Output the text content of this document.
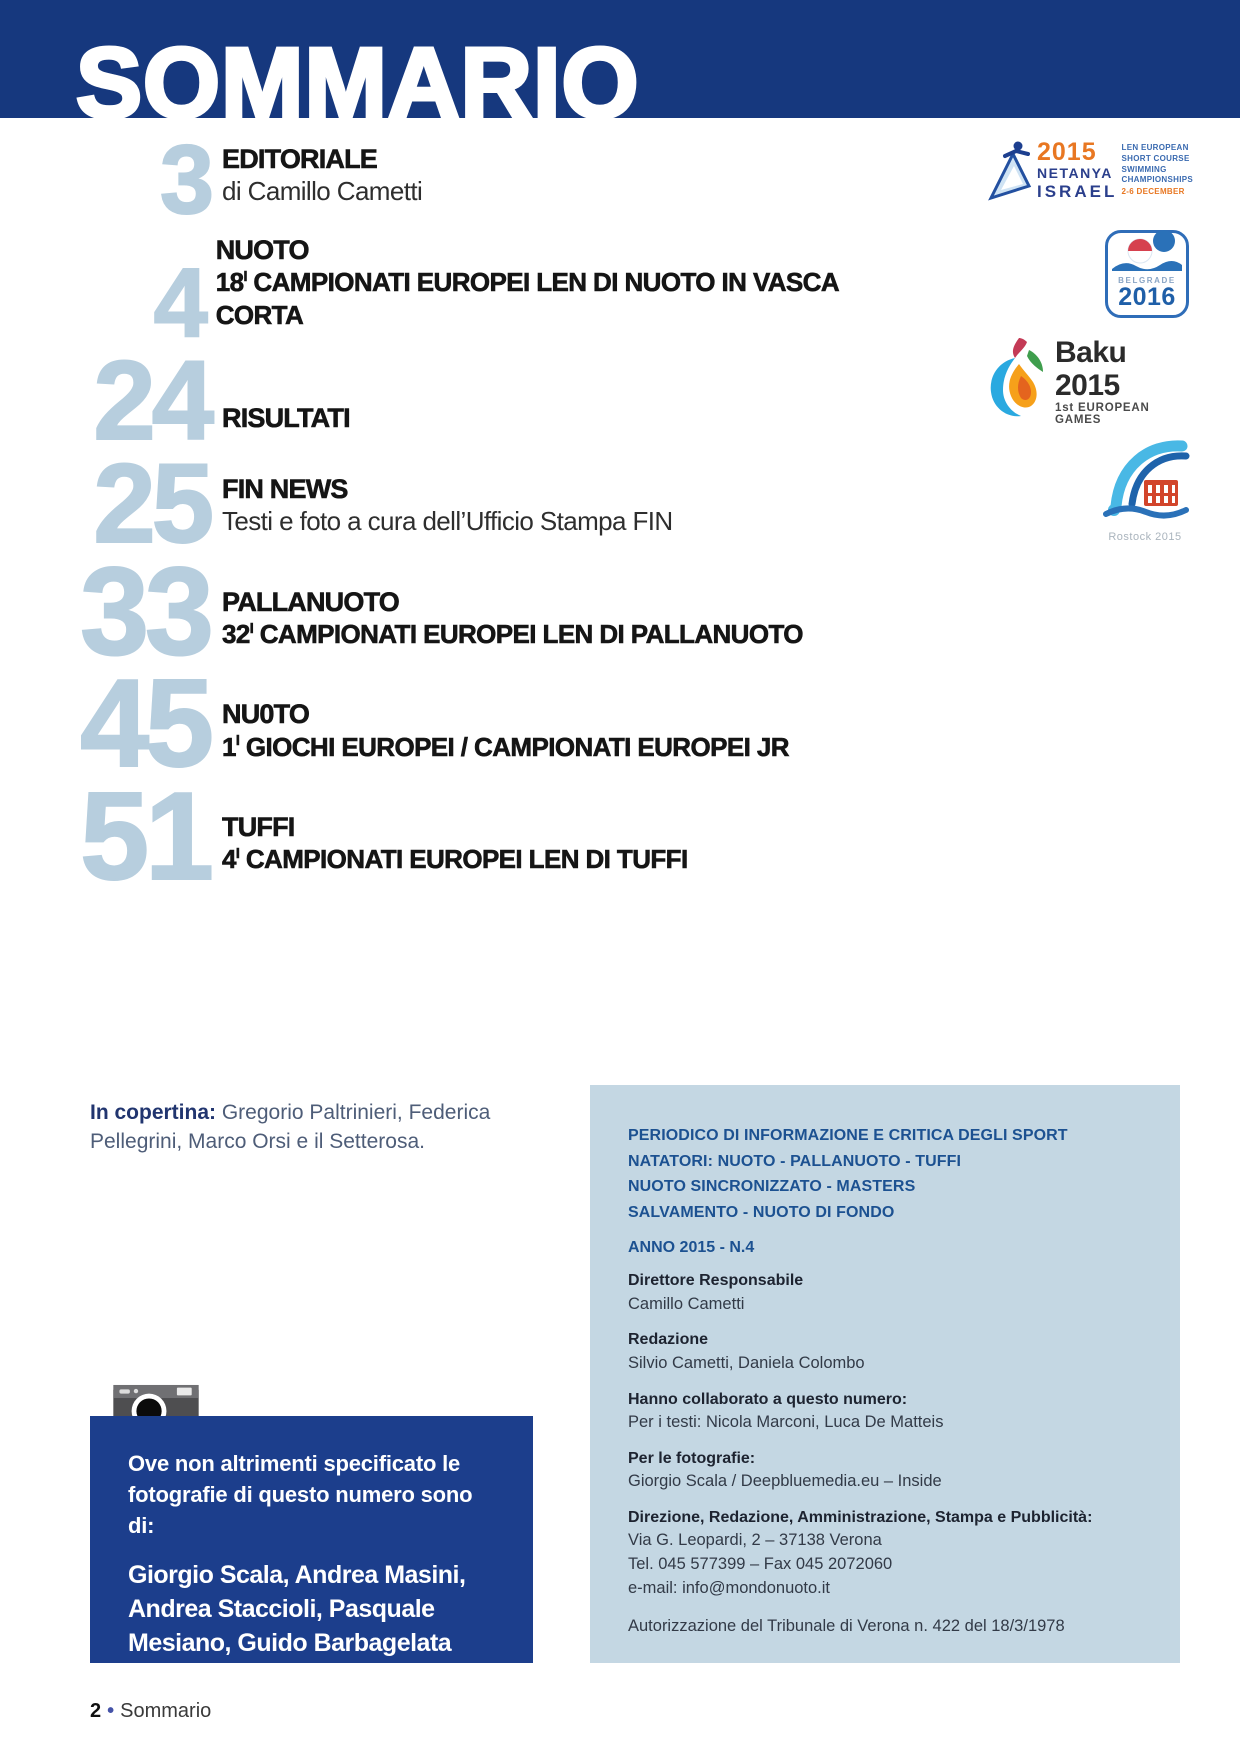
SOMMARIO
3 EDITORIALE
di Camillo Cametti
4 NUOTO
$18^I$ CAMPIONATI EUROPEI LEN DI NUOTO IN VASCA CORTA
24 RISULTATI
25 FIN NEWS
Testi e foto a cura dell’Ufficio Stampa FIN
33 PALLANUOTO
$32^I$ CAMPIONATI EUROPEI LEN DI PALLANUOTO
45 NU0TO
$1^I$ GIOCHI EUROPEI / CAMPIONATI EUROPEI JR
51 TUFFI
$4^I$ CAMPIONATI EUROPEI LEN DI TUFFI
2015
NETANYA
ISRAEL
LEN EUROPEAN
SHORT COURSE
SWIMMING
CHAMPIONSHIPS
2-6 DECEMBER
BELGRADE
2016
Baku 2015
1st EUROPEAN GAMES
Rostock 2015
In copertina: Gregorio Paltrinieri, Federica Pellegrini, Marco Orsi e il Setterosa.	PERIODICO DI INFORMAZIONE E CRITICA DEGLI SPORT
NATATORI: NUOTO - PALLANUOTO - TUFFI
NUOTO SINCRONIZZATO - MASTERS
SALVAMENTO - NUOTO DI FONDO
ANNO 2015 - N.4
Direttore Responsabile
Camillo Cametti
Redazione
Silvio Cametti, Daniela Colombo
Hanno collaborato a questo numero:
Per i testi: Nicola Marconi, Luca De Matteis
Per le fotografie:
Giorgio Scala / Deepbluemedia.eu – Inside
Direzione, Redazione, Amministrazione, Stampa e Pubblicità:
Via G. Leopardi, 2 – 37138 Verona
Tel. 045 577399 – Fax 045 2072060
e-mail: info@mondonuoto.it
Autorizzazione del Tribunale di Verona n. 422 del 18/3/1978
Ove non altrimenti specificato le fotografie di questo numero sono di:
Giorgio Scala, Andrea Masini, Andrea Staccioli, Pasquale Mesiano, Guido Barbagelata /Deepbluemedia.eu-Inside.com
2 • Sommario
